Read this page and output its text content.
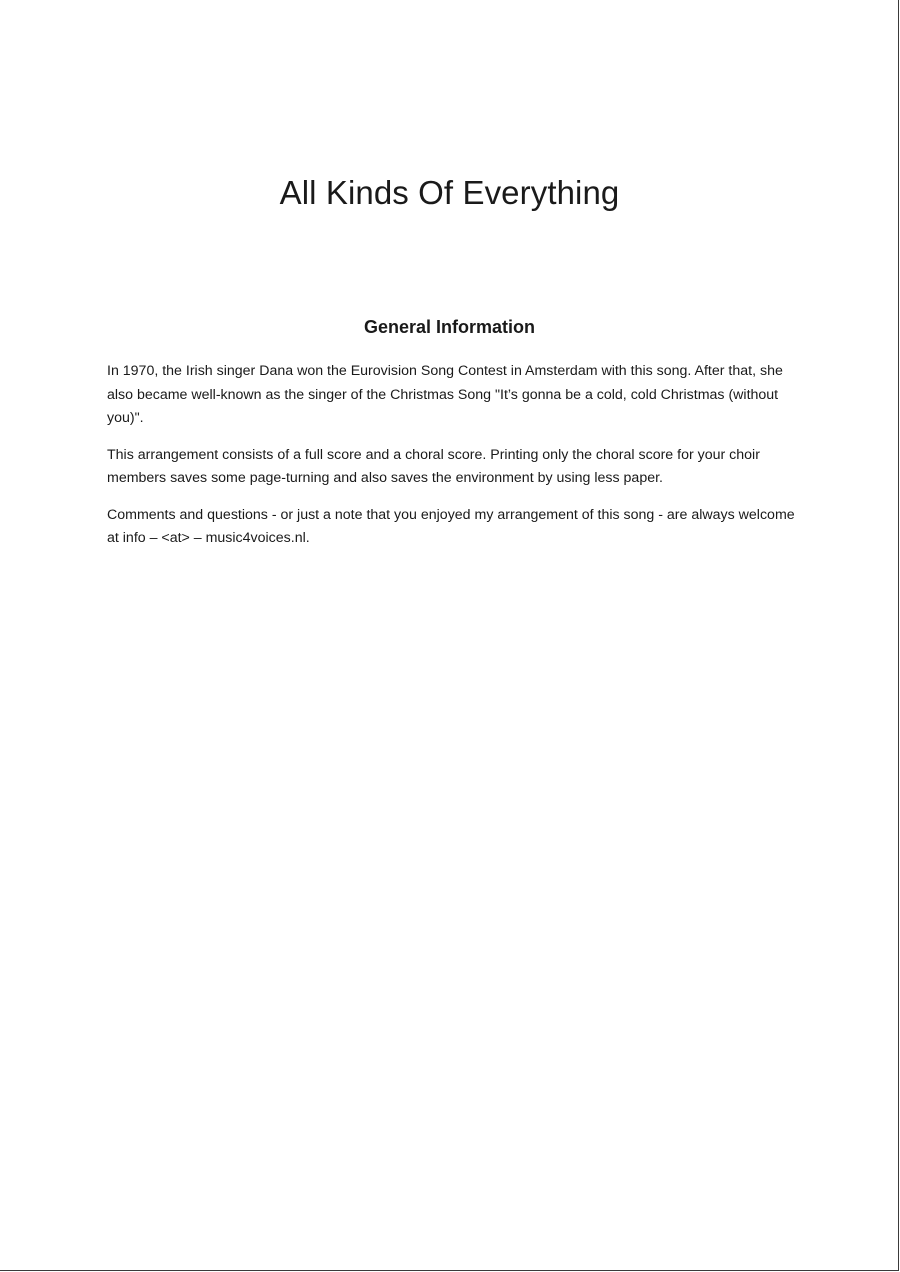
All Kinds Of Everything
General Information

In 1970, the Irish singer Dana won the Eurovision Song Contest in Amsterdam with this song. After that, she also became well-known as the singer of the Christmas Song "It’s gonna be a cold, cold Christmas (without you)".

This arrangement consists of a full score and a choral score. Printing only the choral score for your choir members saves some page-turning and also saves the environment by using less paper.

Comments and questions - or just a note that you enjoyed my arrangement of this song - are always welcome at info – <at> – music4voices.nl.
